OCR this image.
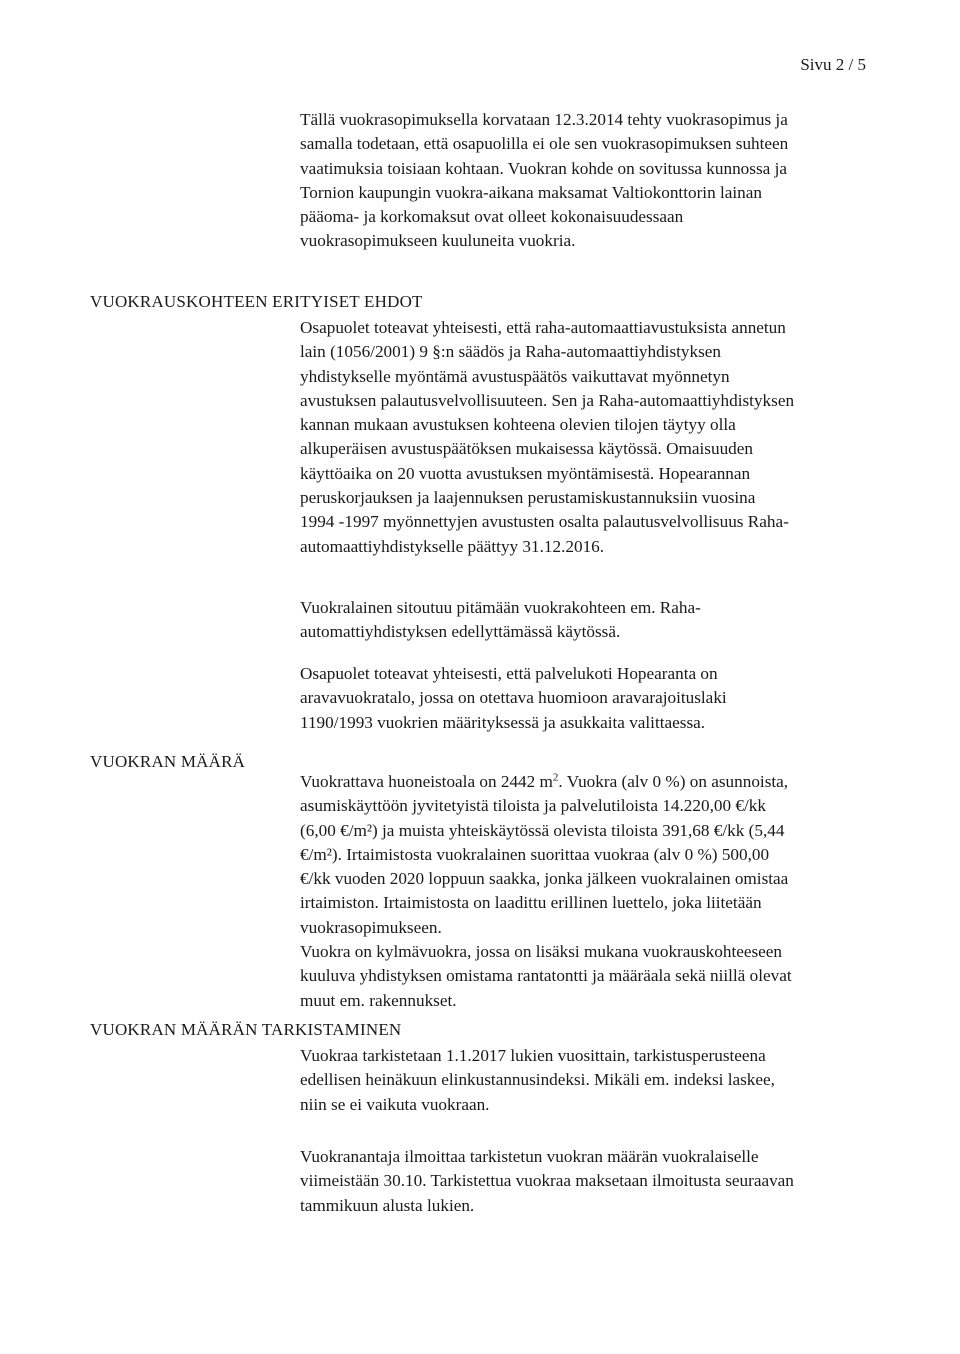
Sivu 2 / 5
Tällä vuokrasopimuksella korvataan 12.3.2014 tehty vuokrasopimus ja
samalla todetaan, että osapuolilla ei ole sen vuokrasopimuksen suhteen
vaatimuksia toisiaan kohtaan. Vuokran kohde on sovitussa kunnossa ja
Tornion kaupungin vuokra-aikana maksamat Valtiokonttorin lainan
pääoma- ja korkomaksut ovat olleet kokonaisuudessaan
vuokrasopimukseen kuuluneita vuokria.
VUOKRAUSKOHTEEN ERITYISET EHDOT
Osapuolet toteavat yhteisesti, että raha-automaattiavustuksista annetun
lain (1056/2001) 9 §:n säädös ja Raha-automaattiyhdistyksen
yhdistykselle myöntämä avustuspäätös vaikuttavat myönnetyn
avustuksen palautusvelvollisuuteen. Sen ja Raha-automaattiyhdistyksen
kannan mukaan avustuksen kohteena olevien tilojen täytyy olla
alkuperäisen avustuspäätöksen mukaisessa käytössä. Omaisuuden
käyttöaika on 20 vuotta avustuksen myöntämisestä. Hopearannan
peruskorjauksen ja laajennuksen perustamiskustannuksiin vuosina
1994 -1997 myönnettyjen avustusten osalta palautusvelvollisuus Raha-
automaattiyhdistykselle päättyy 31.12.2016.
Vuokralainen sitoutuu pitämään vuokrakohteen em. Raha-
automattiyhdistyksen edellyttämässä käytössä.
Osapuolet toteavat yhteisesti, että palvelukoti Hopearanta on
aravavuokratalo, jossa on otettava huomioon aravarajoituslaki
1190/1993 vuokrien määrityksessä ja asukkaita valittaessa.
VUOKRAN MÄÄRÄ
Vuokrattava huoneistoala on 2442 $m^2$. Vuokra (alv 0 %) on asunnoista,
asumiskäyttöön jyvitetyistä tiloista ja palvelutiloista 14.220,00 €/kk
(6,00 €/m²) ja muista yhteiskäytössä olevista tiloista 391,68 €/kk (5,44
€/m²). Irtaimistosta vuokralainen suorittaa vuokraa (alv 0 %) 500,00
€/kk vuoden 2020 loppuun saakka, jonka jälkeen vuokralainen omistaa
irtaimiston. Irtaimistosta on laadittu erillinen luettelo, joka liitetään
vuokrasopimukseen.
Vuokra on kylmävuokra, jossa on lisäksi mukana vuokrauskohteeseen
kuuluva yhdistyksen omistama rantatontti ja määräala sekä niillä olevat
muut em. rakennukset.
VUOKRAN MÄÄRÄN TARKISTAMINEN
Vuokraa tarkistetaan 1.1.2017 lukien vuosittain, tarkistusperusteena
edellisen heinäkuun elinkustannusindeksi. Mikäli em. indeksi laskee,
niin se ei vaikuta vuokraan.
Vuokranantaja ilmoittaa tarkistetun vuokran määrän vuokralaiselle
viimeistään 30.10. Tarkistettua vuokraa maksetaan ilmoitusta seuraavan
tammikuun alusta lukien.
